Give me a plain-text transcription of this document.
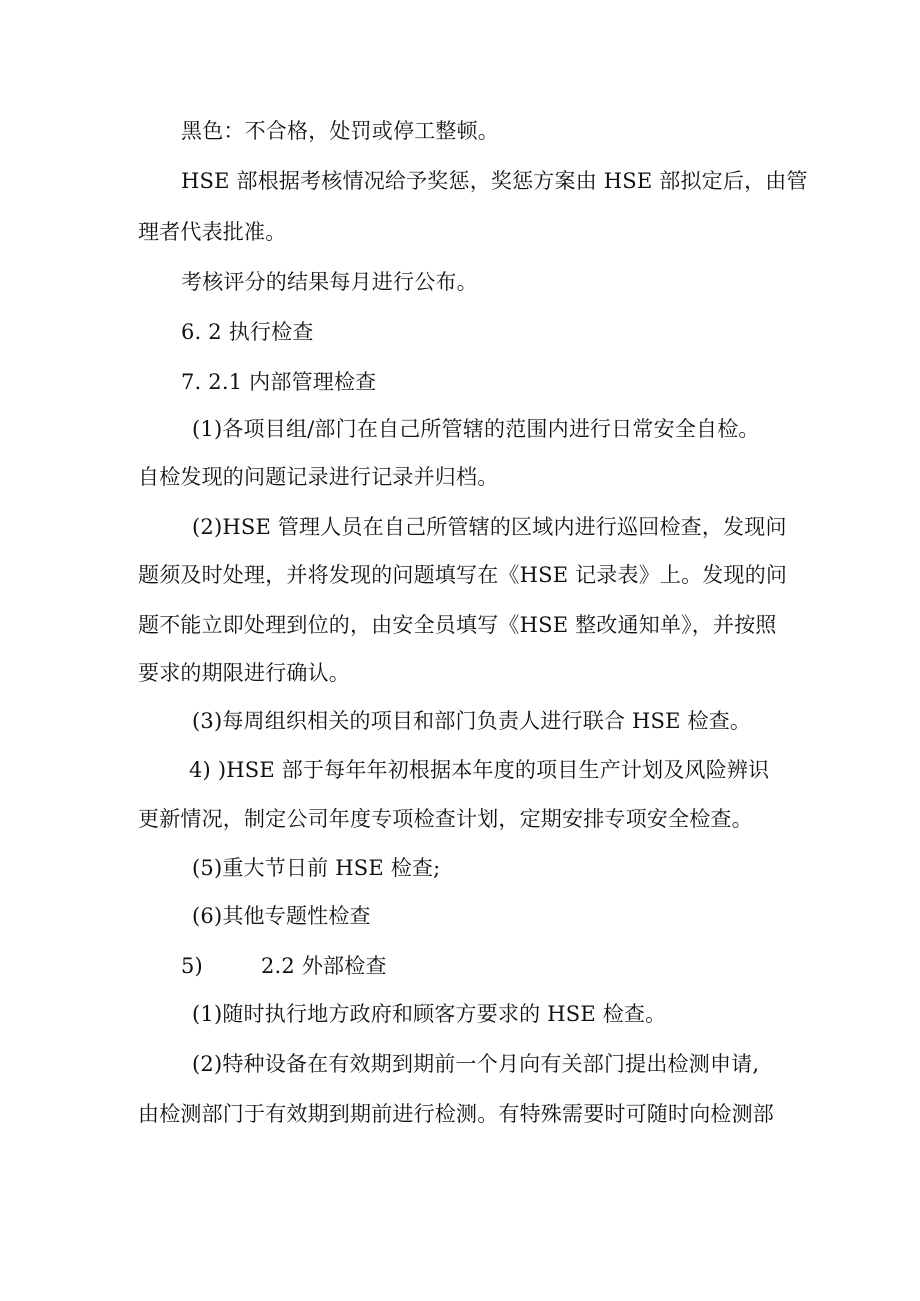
黑色：不合格，处罚或停工整顿。
HSE 部根据考核情况给予奖惩，奖惩方案由 HSE 部拟定后，由管
理者代表批准。
考核评分的结果每月进行公布。
6. 2 执行检查
7. 2.1 内部管理检查
(1)各项目组/部门在自己所管辖的范围内进行日常安全自检。
自检发现的问题记录进行记录并归档。
(2)HSE 管理人员在自己所管辖的区域内进行巡回检查，发现问
题须及时处理，并将发现的问题填写在《HSE 记录表》上。发现的问
题不能立即处理到位的，由安全员填写《HSE 整改通知单》，并按照
要求的期限进行确认。
(3)每周组织相关的项目和部门负责人进行联合 HSE 检查。
4) )HSE 部于每年年初根据本年度的项目生产计划及风险辨识
更新情况，制定公司年度专项检查计划，定期安排专项安全检查。
(5)重大节日前 HSE 检查;
(6)其他专题性检查
5)	2.2 外部检查
(1)随时执行地方政府和顾客方要求的 HSE 检查。
(2)特种设备在有效期到期前一个月向有关部门提出检测申请,
由检测部门于有效期到期前进行检测。有特殊需要时可随时向检测部
